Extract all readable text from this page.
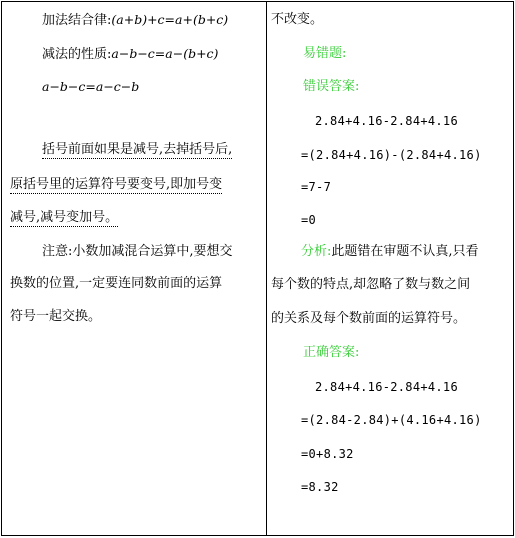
加法结合律:(a+b)+c=a+(b+c)
减法的性质:a−b−c=a−(b+c)
a−b−c=a−c−b
括号前面如果是减号,去掉括号后,
原括号里的运算符号要变号,即加号变
减号,减号变加号。
注意:小数加减混合运算中,要想交
换数的位置,一定要连同数前面的运算
符号一起交换。
不改变。
易错题:
错误答案:
2.84+4.16-2.84+4.16
=(2.84+4.16)-(2.84+4.16)
=7-7
=0
分析:此题错在审题不认真,只看
每个数的特点,却忽略了数与数之间
的关系及每个数前面的运算符号。
正确答案:
2.84+4.16-2.84+4.16
=(2.84-2.84)+(4.16+4.16)
=0+8.32
=8.32
